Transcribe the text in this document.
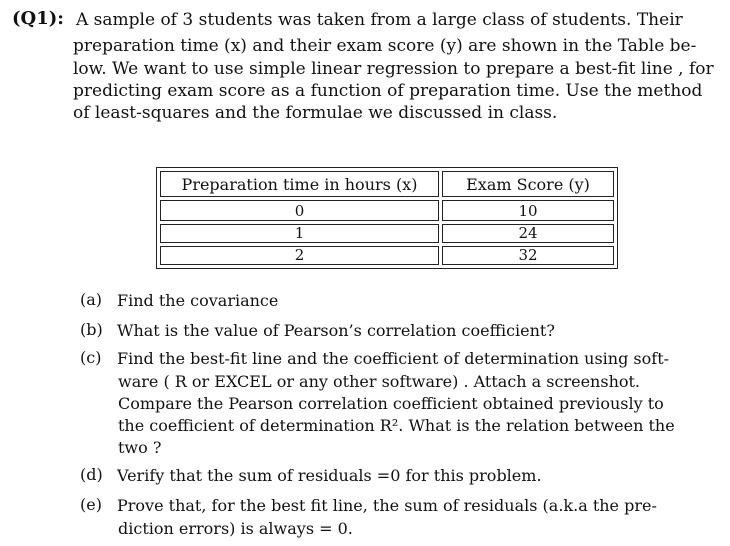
(Q1): A sample of 3 students was taken from a large class of students. Their
preparation time (x) and their exam score (y) are shown in the Table be-
low. We want to use simple linear regression to prepare a best-fit line , for
predicting exam score as a function of preparation time. Use the method
of least-squares and the formulae we discussed in class.
Preparation time in hours (x)	Exam Score (y)
0	10
1	24
2	32
(a) Find the covariance
(b) What is the value of Pearson’s correlation coefficient?
(c) Find the best-fit line and the coefficient of determination using soft-
ware ( R or EXCEL or any other software) . Attach a screenshot.
Compare the Pearson correlation coefficient obtained previously to
the coefficient of determination R². What is the relation between the
two ?
(d) Verify that the sum of residuals =0 for this problem.
(e) Prove that, for the best fit line, the sum of residuals (a.k.a the pre-
diction errors) is always = 0.
